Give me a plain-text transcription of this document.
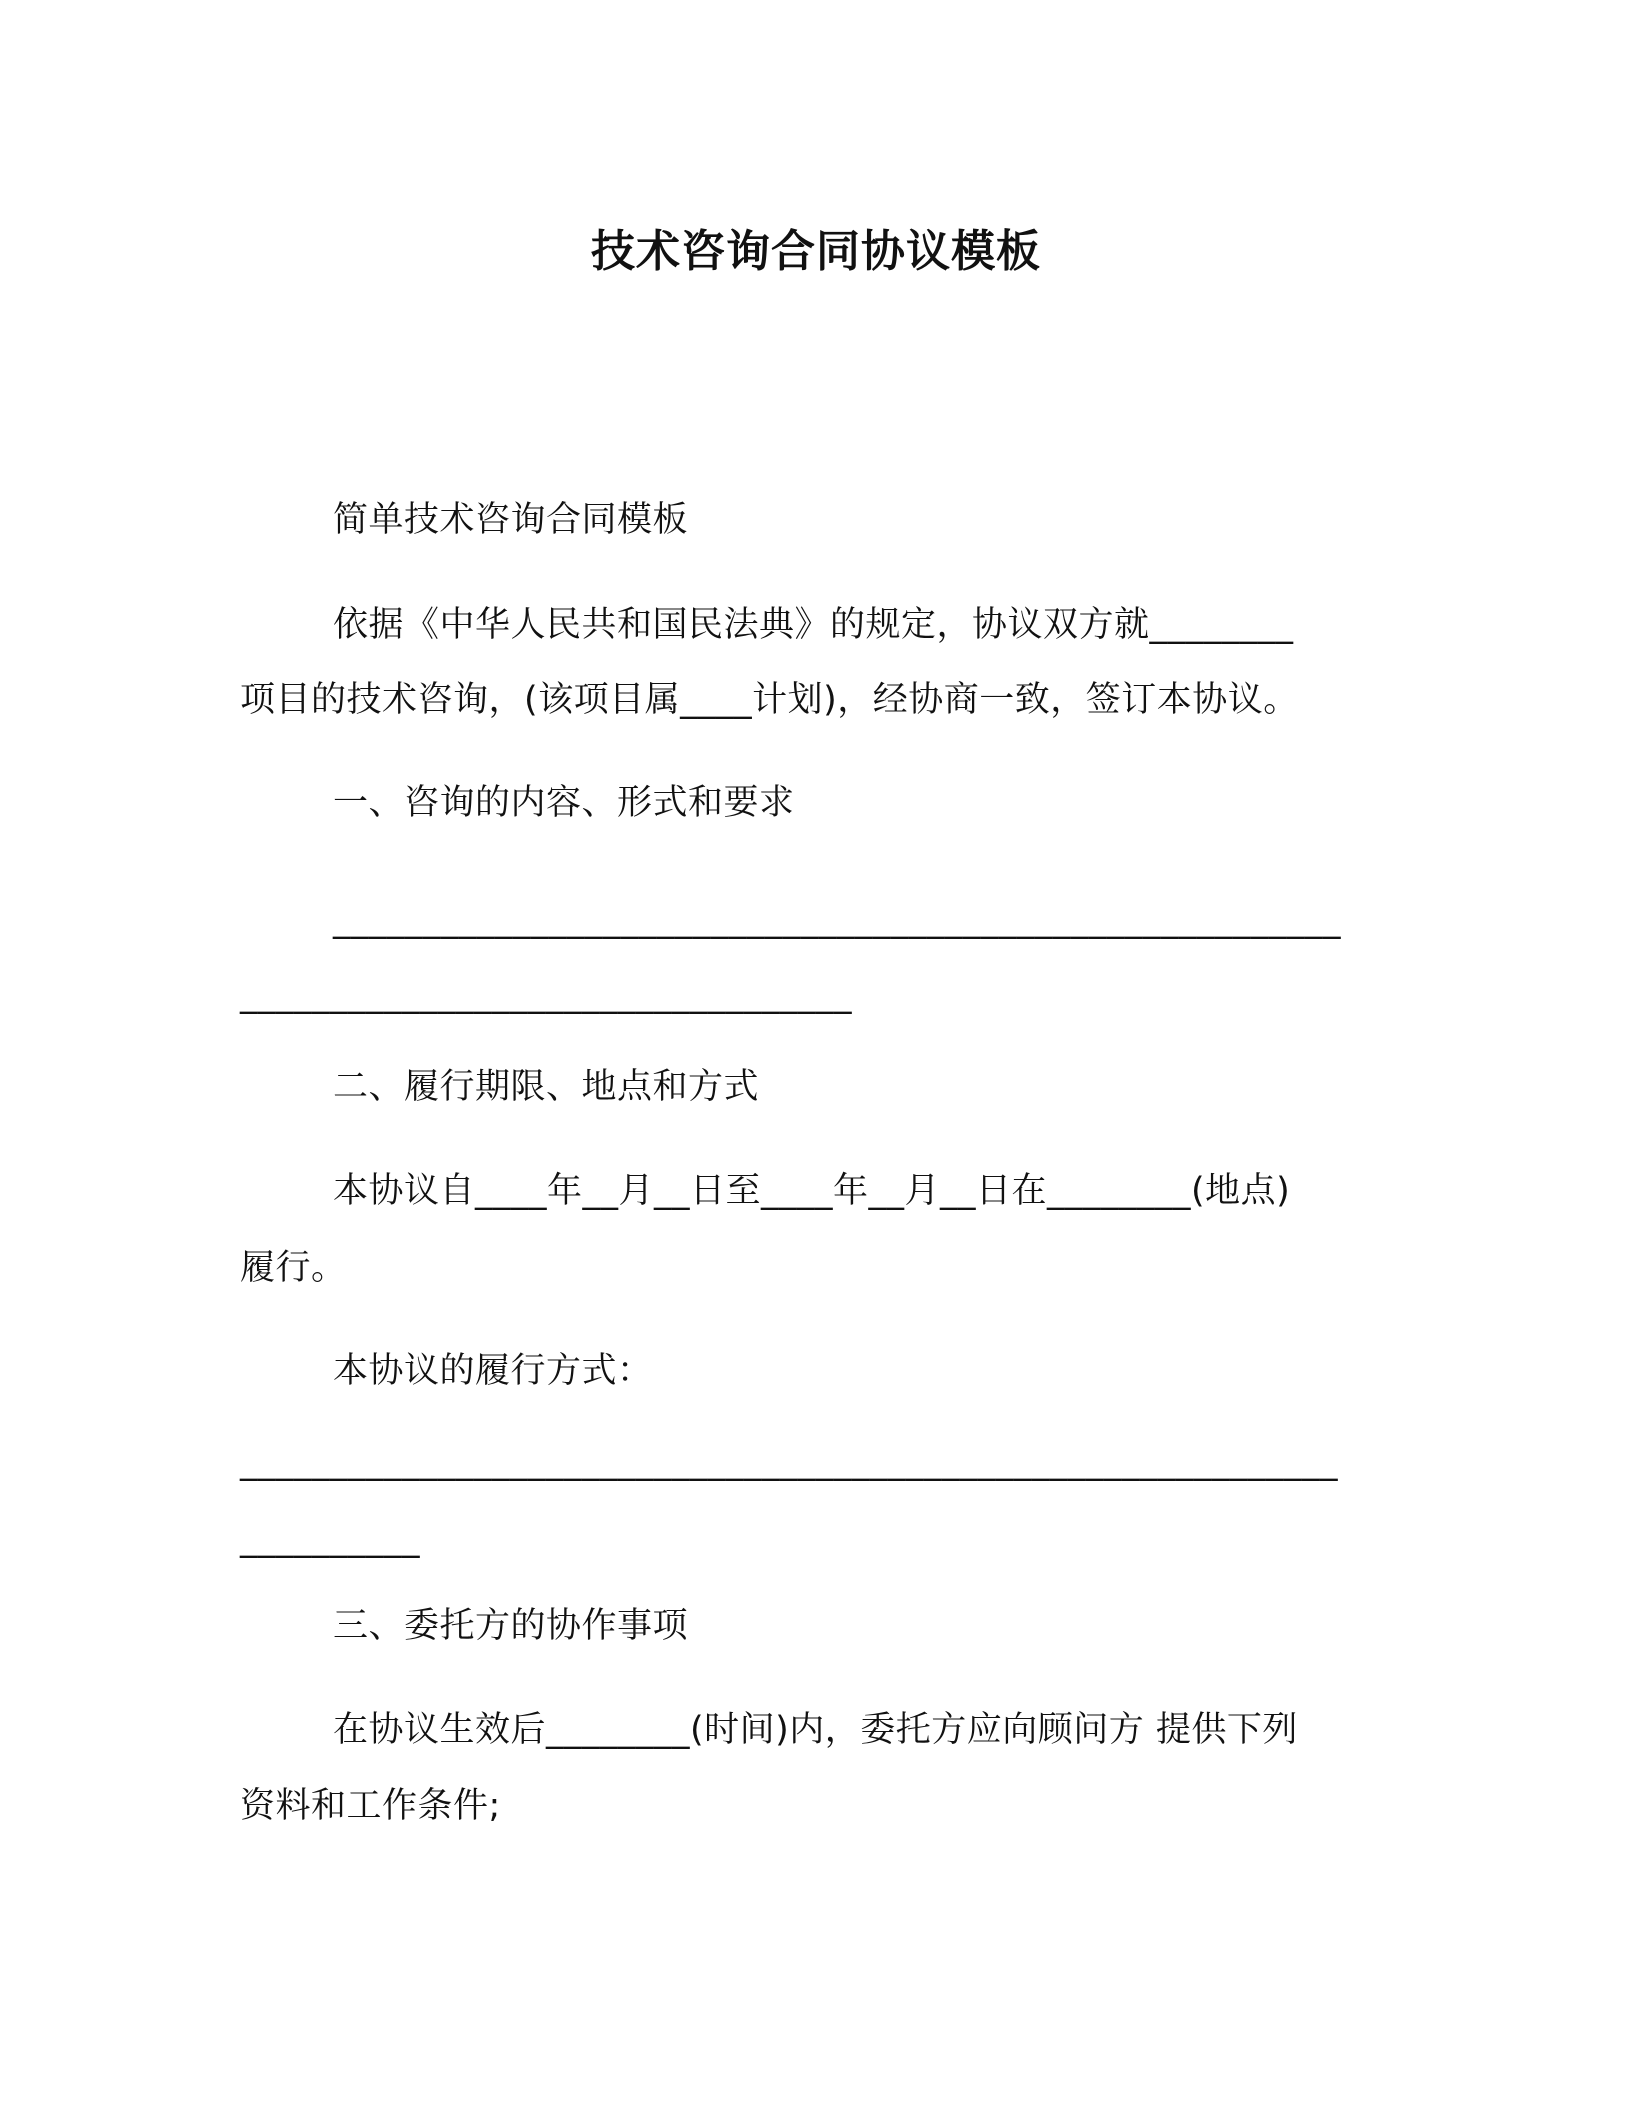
技术咨询合同协议模板
简单技术咨询合同模板
依据《中华人民共和国民法典》的规定，协议双方就________
项目的技术咨询，(该项目属____计划)，经协商一致，签订本协议。
一、咨询的内容、形式和要求
________________________________________________________
__________________________________
二、履行期限、地点和方式
本协议自____年__月__日至____年__月__日在________(地点)
履行。
本协议的履行方式：
_____________________________________________________________
__________
三、委托方的协作事项
在协议生效后________(时间)内，委托方应向顾问方 提供下列
资料和工作条件;
